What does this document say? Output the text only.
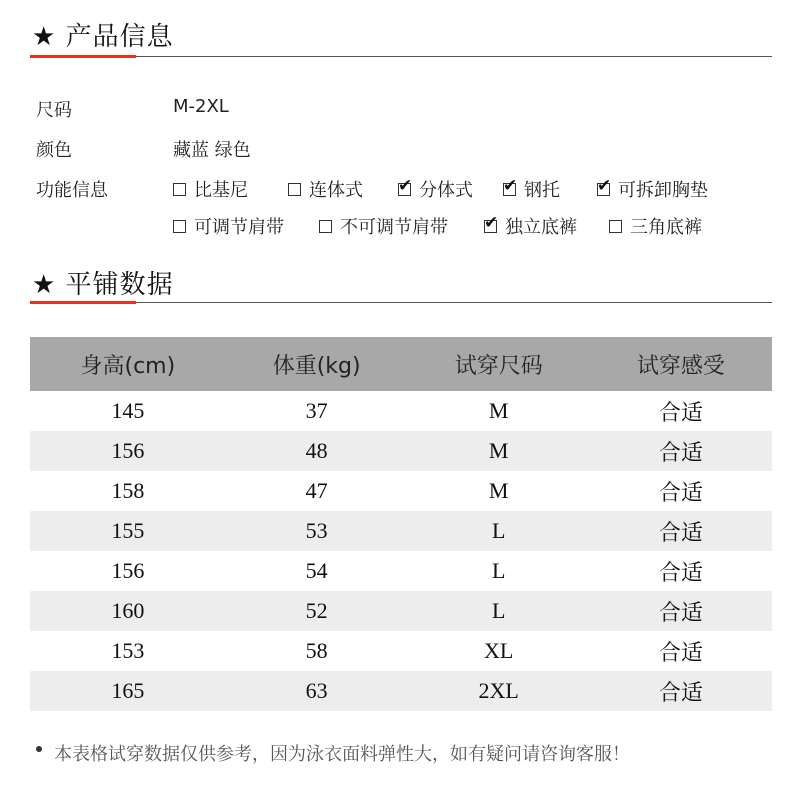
★ 产品信息
尺码	M-2XL
颜色	藏蓝 绿色
功能信息	比基尼	连体式 ✔ 分体式 ✔ 钢托 ✔ 可拆卸胸垫
可调节肩带	不可调节肩带 ✔ 独立底裤	三角底裤
★ 平铺数据
身高(cm)	体重(kg)	试穿尺码	试穿感受
145	37	M	合适
156	48	M	合适
158	47	M	合适
155	53	L	合适
156	54	L	合适
160	52	L	合适
153	58	XL	合适
165	63	2XL	合适
本表格试穿数据仅供参考，因为泳衣面料弹性大，如有疑问请咨询客服！
